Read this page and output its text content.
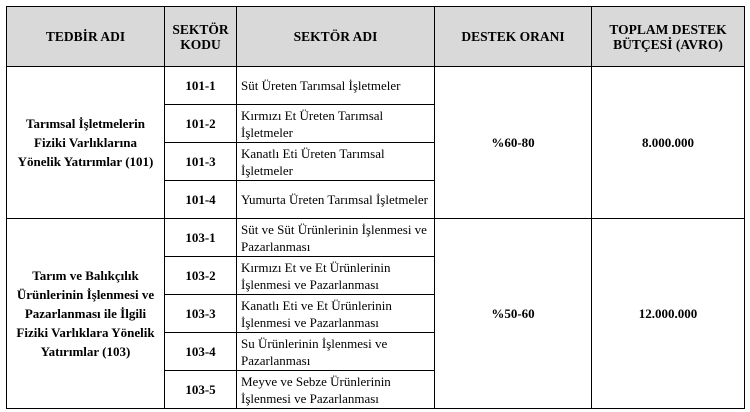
TEDBİR ADI	SEKTÖR KODU	SEKTÖR ADI	DESTEK ORANI	TOPLAM DESTEK BÜTÇESİ (AVRO)
Tarımsal İşletmelerin Fiziki Varlıklarına Yönelik Yatırımlar (101)	101-1	Süt Üreten Tarımsal İşletmeler	%60-80	8.000.000
	101-2	Kırmızı Et Üreten Tarımsal İşletmeler		
	101-3	Kanatlı Eti Üreten Tarımsal İşletmeler		
	101-4	Yumurta Üreten Tarımsal İşletmeler		
Tarım ve Balıkçılık Ürünlerinin İşlenmesi ve Pazarlanması ile İlgili Fiziki Varlıklara Yönelik Yatırımlar (103)	103-1	Süt ve Süt Ürünlerinin İşlenmesi ve Pazarlanması	%50-60	12.000.000
	103-2	Kırmızı Et ve Et Ürünlerinin İşlenmesi ve Pazarlanması		
	103-3	Kanatlı Eti ve Et Ürünlerinin İşlenmesi ve Pazarlanması		
	103-4	Su Ürünlerinin İşlenmesi ve Pazarlanması		
	103-5	Meyve ve Sebze Ürünlerinin İşlenmesi ve Pazarlanması		
